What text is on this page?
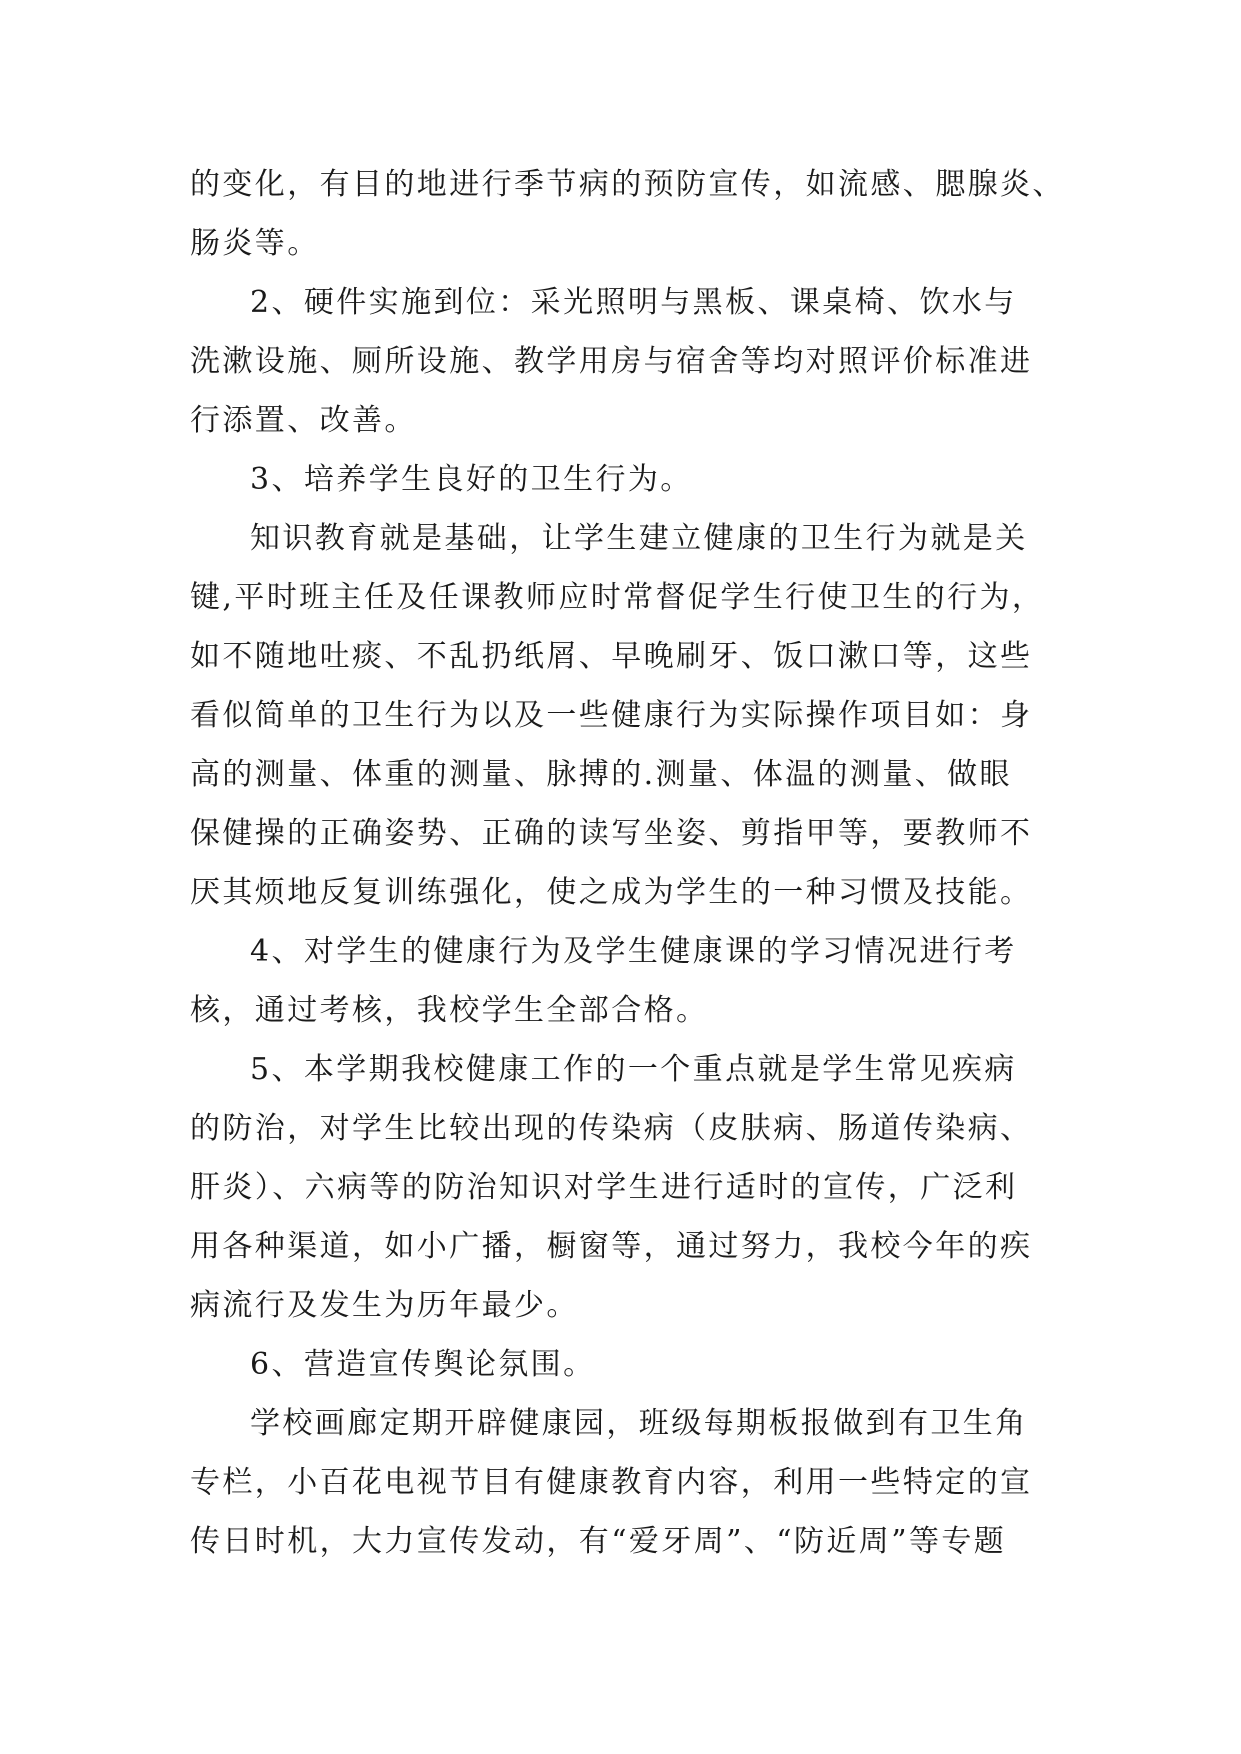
的变化，有目的地进行季节病的预防宣传，如流感、腮腺炎、
肠炎等。
2、硬件实施到位：采光照明与黑板、课桌椅、饮水与
洗漱设施、厕所设施、教学用房与宿舍等均对照评价标准进
行添置、改善。
3、培养学生良好的卫生行为。
知识教育就是基础，让学生建立健康的卫生行为就是关
键,平时班主任及任课教师应时常督促学生行使卫生的行为，
如不随地吐痰、不乱扔纸屑、早晚刷牙、饭口漱口等，这些
看似简单的卫生行为以及一些健康行为实际操作项目如：身
高的测量、体重的测量、脉搏的.测量、体温的测量、做眼
保健操的正确姿势、正确的读写坐姿、剪指甲等，要教师不
厌其烦地反复训练强化，使之成为学生的一种习惯及技能。
4、对学生的健康行为及学生健康课的学习情况进行考
核，通过考核，我校学生全部合格。
5、本学期我校健康工作的一个重点就是学生常见疾病
的防治，对学生比较出现的传染病（皮肤病、肠道传染病、
肝炎）、六病等的防治知识对学生进行适时的宣传，广泛利
用各种渠道，如小广播，橱窗等，通过努力，我校今年的疾
病流行及发生为历年最少。
6、营造宣传舆论氛围。
学校画廊定期开辟健康园，班级每期板报做到有卫生角
专栏，小百花电视节目有健康教育内容，利用一些特定的宣
传日时机，大力宣传发动，有“爱牙周”、“防近周”等专题
